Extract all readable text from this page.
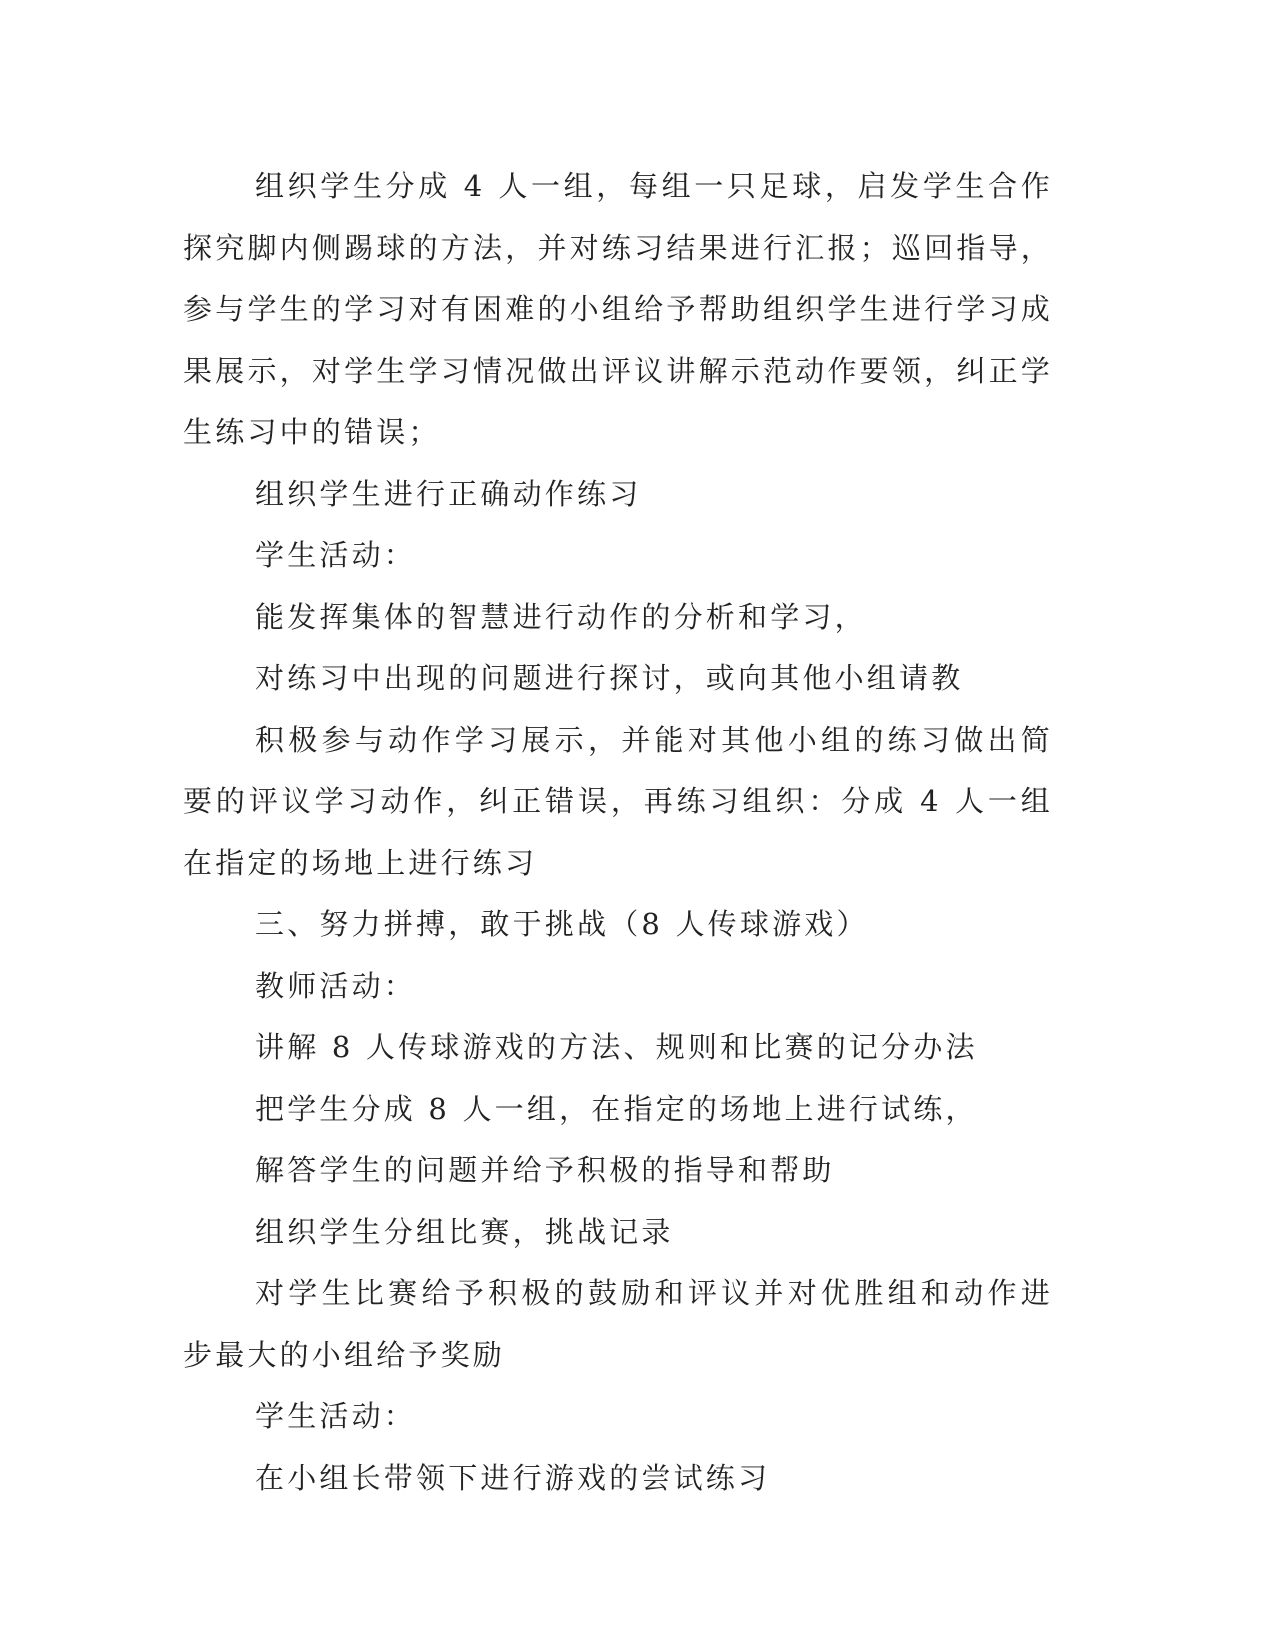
组织学生分成 4 人一组，每组一只足球，启发学生合作探究脚内侧踢球的方法，并对练习结果进行汇报；巡回指导，参与学生的学习对有困难的小组给予帮助组织学生进行学习成果展示，对学生学习情况做出评议讲解示范动作要领，纠正学生练习中的错误；

组织学生进行正确动作练习

学生活动：

能发挥集体的智慧进行动作的分析和学习，

对练习中出现的问题进行探讨，或向其他小组请教

积极参与动作学习展示，并能对其他小组的练习做出简要的评议学习动作，纠正错误，再练习组织：分成 4 人一组在指定的场地上进行练习

三、努力拼搏，敢于挑战（8 人传球游戏）

教师活动：

讲解 8 人传球游戏的方法、规则和比赛的记分办法

把学生分成 8 人一组，在指定的场地上进行试练，

解答学生的问题并给予积极的指导和帮助

组织学生分组比赛，挑战记录

对学生比赛给予积极的鼓励和评议并对优胜组和动作进步最大的小组给予奖励

学生活动：

在小组长带领下进行游戏的尝试练习
